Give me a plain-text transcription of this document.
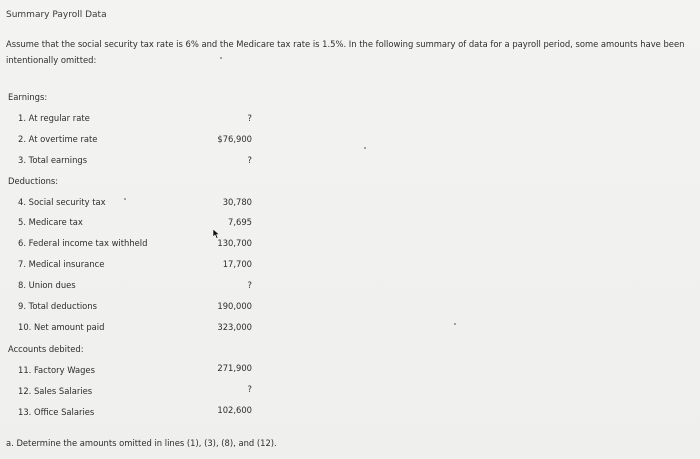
Summary Payroll Data
Assume that the social security tax rate is 6% and the Medicare tax rate is 1.5%. In the following summary of data for a payroll period, some amounts have been intentionally omitted:
Earnings:
1. At regular rate	?
2. At overtime rate	$76,900
3. Total earnings	?
Deductions:
4. Social security tax	30,780
5. Medicare tax	7,695
6. Federal income tax withheld	130,700
7. Medical insurance	17,700
8. Union dues	?
9. Total deductions	190,000
10. Net amount paid	323,000
Accounts debited:
11. Factory Wages	271,900
12. Sales Salaries	?
13. Office Salaries	102,600
a. Determine the amounts omitted in lines (1), (3), (8), and (12).
